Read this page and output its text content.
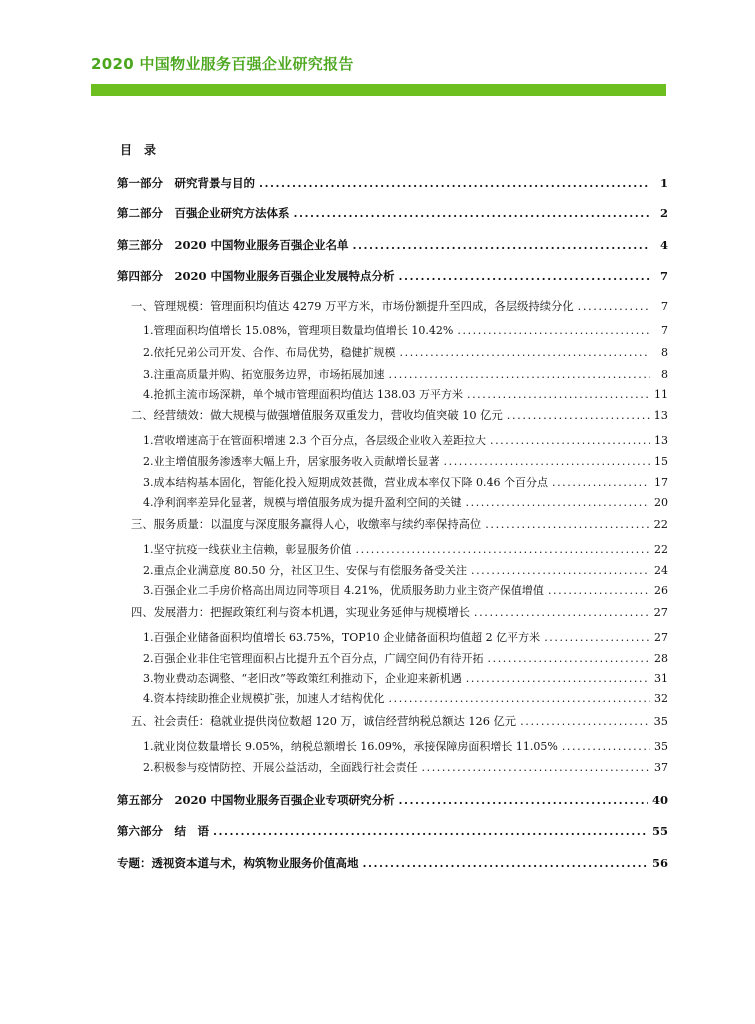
2020 中国物业服务百强企业研究报告
目　录
第一部分　研究背景与目的 .....	1
第二部分　百强企业研究方法体系 .....	2
第三部分　2020 中国物业服务百强企业名单 .....	4
第四部分　2020 中国物业服务百强企业发展特点分析 .....	7
一、管理规模：管理面积均值达 4279 万平方米，市场份额提升至四成，各层级持续分化 .....	7
1.管理面积均值增长 15.08%，管理项目数量均值增长 10.42% .....	7
2.依托兄弟公司开发、合作、布局优势，稳健扩规模 .....	8
3.注重高质量并购、拓宽服务边界，市场拓展加速 .....	8
4.抢抓主流市场深耕，单个城市管理面积均值达 138.03 万平方米 .....	11
二、经营绩效：做大规模与做强增值服务双重发力，营收均值突破 10 亿元 .....	13
1.营收增速高于在管面积增速 2.3 个百分点，各层级企业收入差距拉大 .....	13
2.业主增值服务渗透率大幅上升，居家服务收入贡献增长显著 .....	15
3.成本结构基本固化，智能化投入短期成效甚微，营业成本率仅下降 0.46 个百分点 .....	17
4.净利润率差异化显著，规模与增值服务成为提升盈利空间的关键 .....	20
三、服务质量：以温度与深度服务赢得人心，收缴率与续约率保持高位 .....	22
1.坚守抗疫一线获业主信赖，彰显服务价值 .....	22
2.重点企业满意度 80.50 分，社区卫生、安保与有偿服务备受关注 .....	24
3.百强企业二手房价格高出周边同等项目 4.21%，优质服务助力业主资产保值增值 .....	26
四、发展潜力：把握政策红利与资本机遇，实现业务延伸与规模增长 .....	27
1.百强企业储备面积均值增长 63.75%，TOP10 企业储备面积均值超 2 亿平方米 .....	27
2.百强企业非住宅管理面积占比提升五个百分点，广阔空间仍有待开拓 .....	28
3.物业费动态调整、“老旧改”等政策红利推动下，企业迎来新机遇 .....	31
4.资本持续助推企业规模扩张，加速人才结构优化 .....	32
五、社会责任：稳就业提供岗位数超 120 万，诚信经营纳税总额达 126 亿元 .....	35
1.就业岗位数量增长 9.05%，纳税总额增长 16.09%，承接保障房面积增长 11.05% .....	35
2.积极参与疫情防控、开展公益活动，全面践行社会责任 .....	37
第五部分　2020 中国物业服务百强企业专项研究分析 .....	40
第六部分　结　语 .....	55
专题：透视资本道与术，构筑物业服务价值高地 .....	56
